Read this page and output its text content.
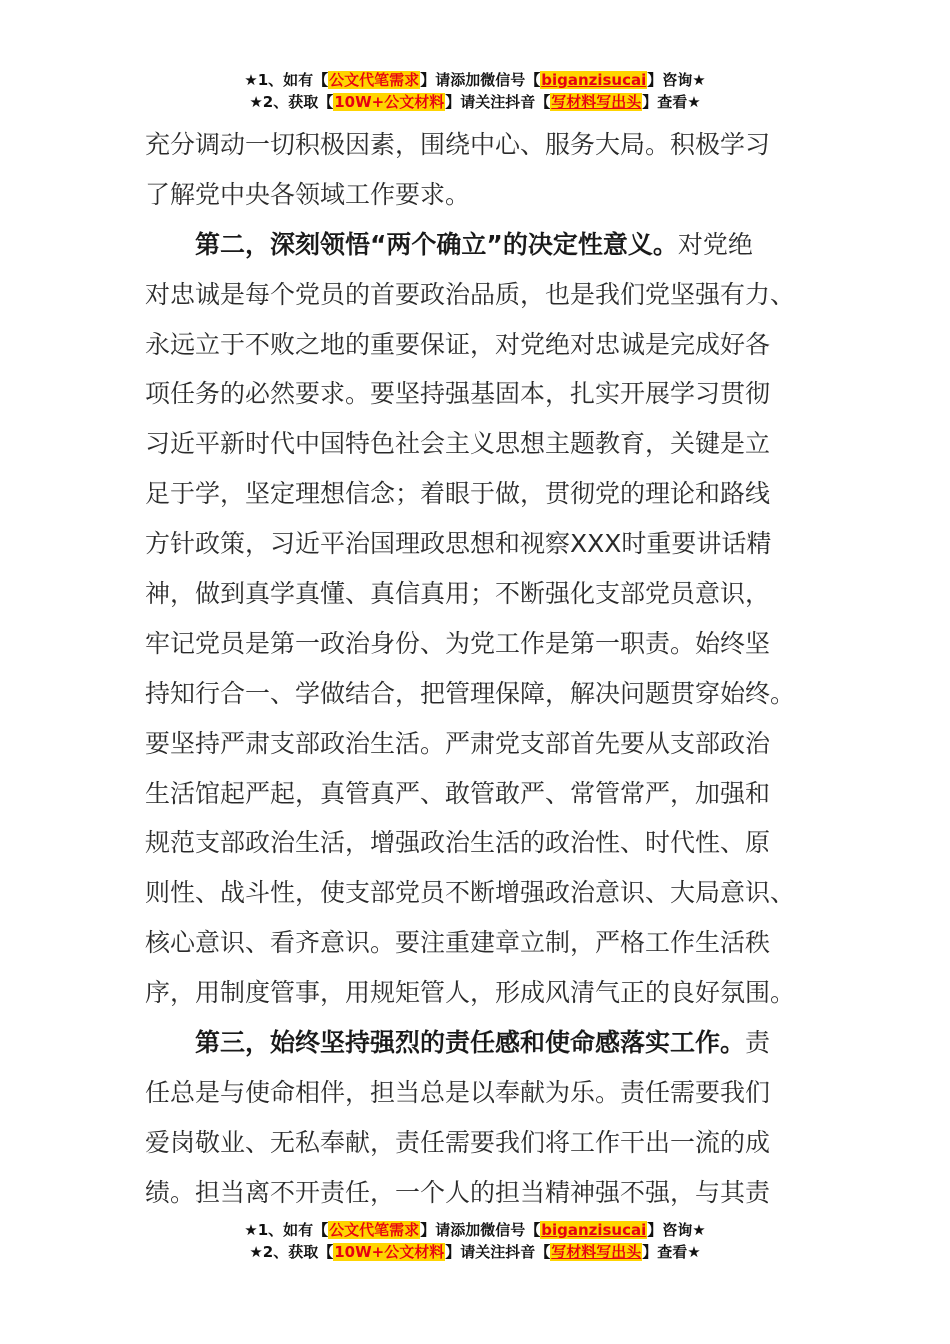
★1、如有【公文代笔需求】请添加微信号【biganzisucai】咨询★
★2、获取【10W+公文材料】请关注抖音【写材料写出头】查看★
充分调动一切积极因素，围绕中心、服务大局。积极学习
了解党中央各领域工作要求。
第二，深刻领悟“两个确立”的决定性意义。对党绝
对忠诚是每个党员的首要政治品质，也是我们党坚强有力、
永远立于不败之地的重要保证，对党绝对忠诚是完成好各
项任务的必然要求。要坚持强基固本，扎实开展学习贯彻
习近平新时代中国特色社会主义思想主题教育，关键是立
足于学，坚定理想信念；着眼于做，贯彻党的理论和路线
方针政策，习近平治国理政思想和视察XXX时重要讲话精
神，做到真学真懂、真信真用；不断强化支部党员意识，
牢记党员是第一政治身份、为党工作是第一职责。始终坚
持知行合一、学做结合，把管理保障，解决问题贯穿始终。
要坚持严肃支部政治生活。严肃党支部首先要从支部政治
生活馆起严起，真管真严、敢管敢严、常管常严，加强和
规范支部政治生活，增强政治生活的政治性、时代性、原
则性、战斗性，使支部党员不断增强政治意识、大局意识、
核心意识、看齐意识。要注重建章立制，严格工作生活秩
序，用制度管事，用规矩管人，形成风清气正的良好氛围。
第三，始终坚持强烈的责任感和使命感落实工作。责
任总是与使命相伴，担当总是以奉献为乐。责任需要我们
爱岗敬业、无私奉献，责任需要我们将工作干出一流的成
绩。担当离不开责任，一个人的担当精神强不强，与其责
★1、如有【公文代笔需求】请添加微信号【biganzisucai】咨询★
★2、获取【10W+公文材料】请关注抖音【写材料写出头】查看★
